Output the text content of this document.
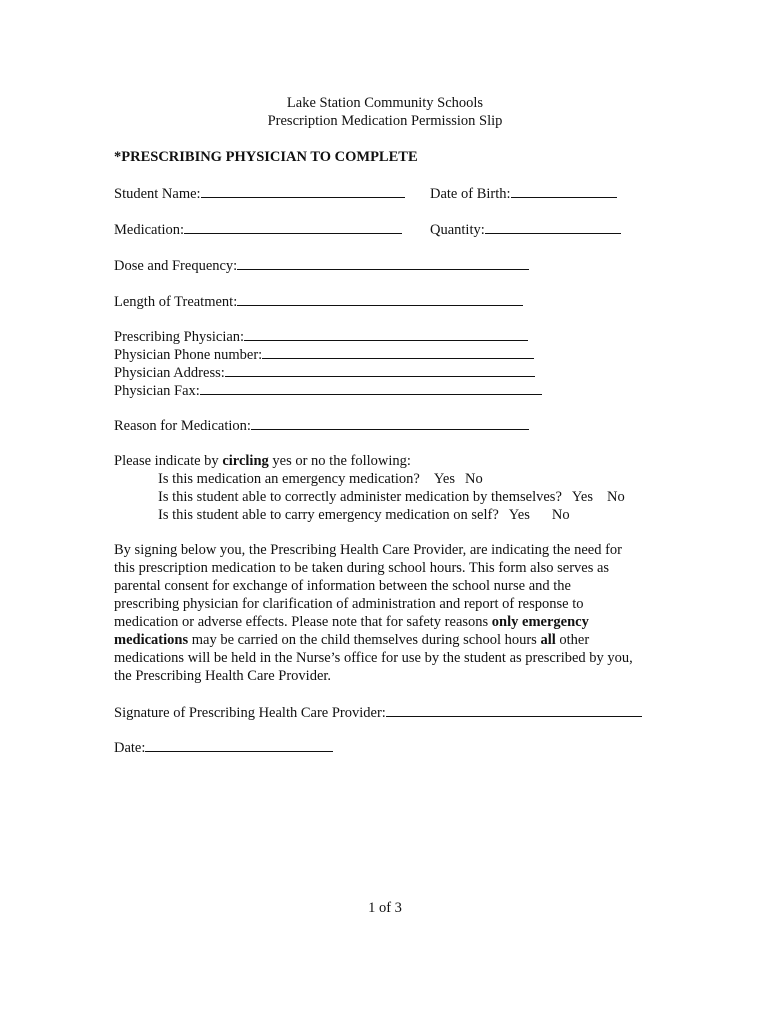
Lake Station Community Schools
Prescription Medication Permission Slip
*PRESCRIBING PHYSICIAN TO COMPLETE
Student Name:	Date of Birth:
Medication:	Quantity:
Dose and Frequency:
Length of Treatment:
Prescribing Physician:
Physician Phone number:
Physician Address:
Physician Fax:
Reason for Medication:
Please indicate by circling yes or no the following:
Is this medication an emergency medication? Yes No
Is this student able to correctly administer medication by themselves? Yes No
Is this student able to carry emergency medication on self? Yes No
By signing below you, the Prescribing Health Care Provider, are indicating the need for
this prescription medication to be taken during school hours. This form also serves as
parental consent for exchange of information between the school nurse and the
prescribing physician for clarification of administration and report of response to
medication or adverse effects. Please note that for safety reasons only emergency
medications may be carried on the child themselves during school hours all other
medications will be held in the Nurse’s office for use by the student as prescribed by you,
the Prescribing Health Care Provider.
Signature of Prescribing Health Care Provider:
Date:
1 of 3
